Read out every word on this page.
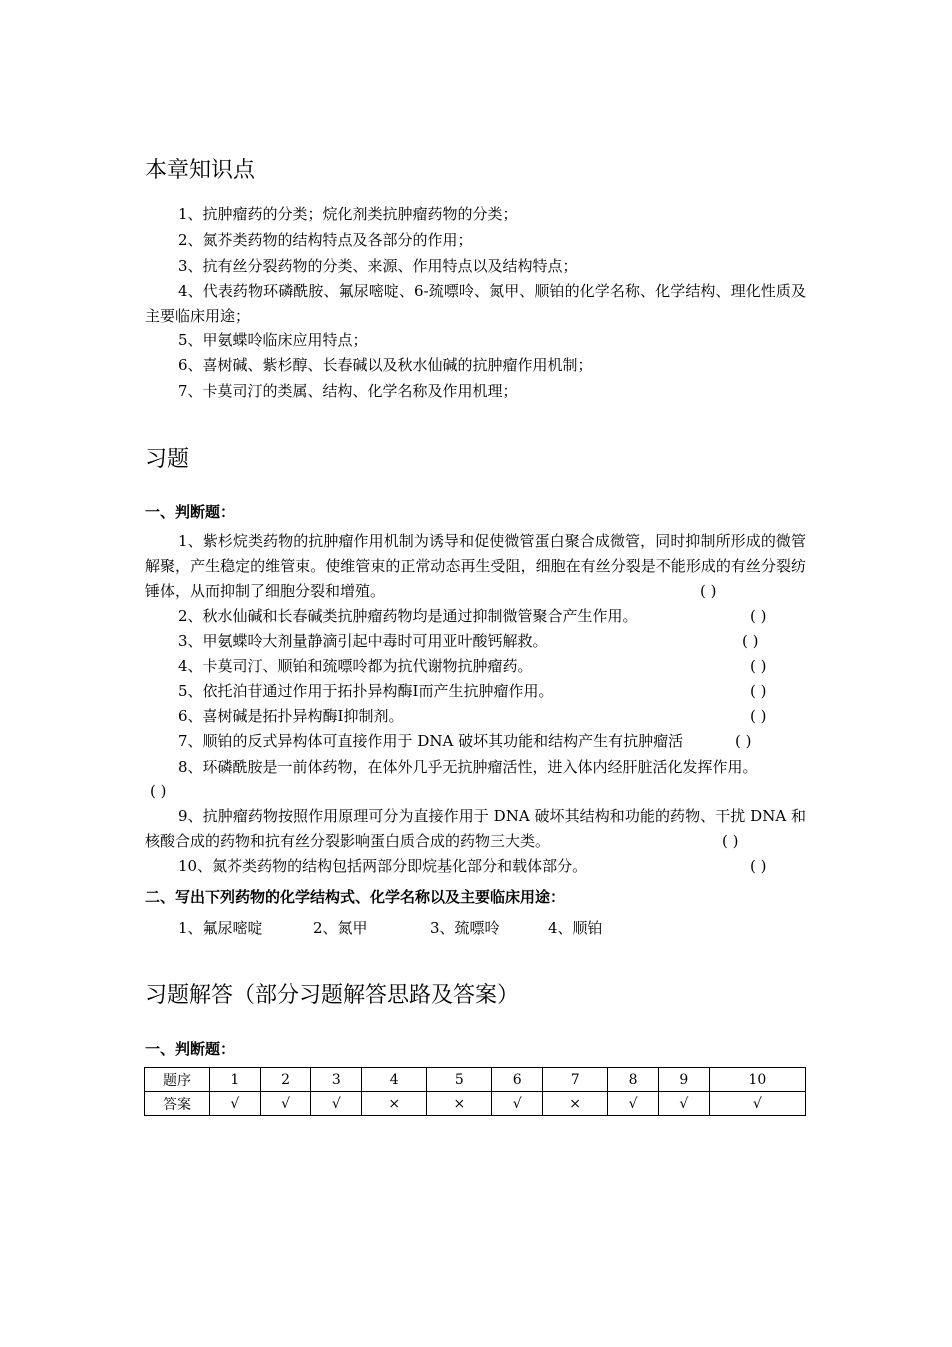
本章知识点
1、抗肿瘤药的分类；烷化剂类抗肿瘤药物的分类；
2、氮芥类药物的结构特点及各部分的作用；
3、抗有丝分裂药物的分类、来源、作用特点以及结构特点；
4、代表药物环磷酰胺、氟尿嘧啶、6-巯嘌呤、氮甲、顺铂的化学名称、化学结构、理化性质及主要临床用途；
5、甲氨蝶呤临床应用特点；
6、喜树碱、紫杉醇、长春碱以及秋水仙碱的抗肿瘤作用机制；
7、卡莫司汀的类属、结构、化学名称及作用机理；
习题
一、判断题：
1、紫杉烷类药物的抗肿瘤作用机制为诱导和促使微管蛋白聚合成微管，同时抑制所形成的微管解聚，产生稳定的维管束。使维管束的正常动态再生受阻，细胞在有丝分裂是不能形成的有丝分裂纺锤体，从而抑制了细胞分裂和增殖。	( )
2、秋水仙碱和长春碱类抗肿瘤药物均是通过抑制微管聚合产生作用。	( )
3、甲氨蝶呤大剂量静滴引起中毒时可用亚叶酸钙解救。	( )
4、卡莫司汀、顺铂和巯嘌呤都为抗代谢物抗肿瘤药。	( )
5、依托泊苷通过作用于拓扑异构酶Ⅰ而产生抗肿瘤作用。	( )
6、喜树碱是拓扑异构酶Ⅰ抑制剂。	( )
7、顺铂的反式异构体可直接作用于 DNA 破坏其功能和结构产生有抗肿瘤活	( )
8、环磷酰胺是一前体药物，在体外几乎无抗肿瘤活性，进入体内经肝脏活化发挥作用。
( )
9、抗肿瘤药物按照作用原理可分为直接作用于 DNA 破坏其结构和功能的药物、干扰 DNA 和核酸合成的药物和抗有丝分裂影响蛋白质合成的药物三大类。	( )
10、氮芥类药物的结构包括两部分即烷基化部分和载体部分。	( )
二、写出下列药物的化学结构式、化学名称以及主要临床用途：
1、氟尿嘧啶	2、氮甲	3、巯嘌呤	4、顺铂
习题解答（部分习题解答思路及答案）
一、判断题：
题序	1	2	3	4	5	6	7	8	9	10
答案	√	√	√	×	×	√	×	√	√	√
